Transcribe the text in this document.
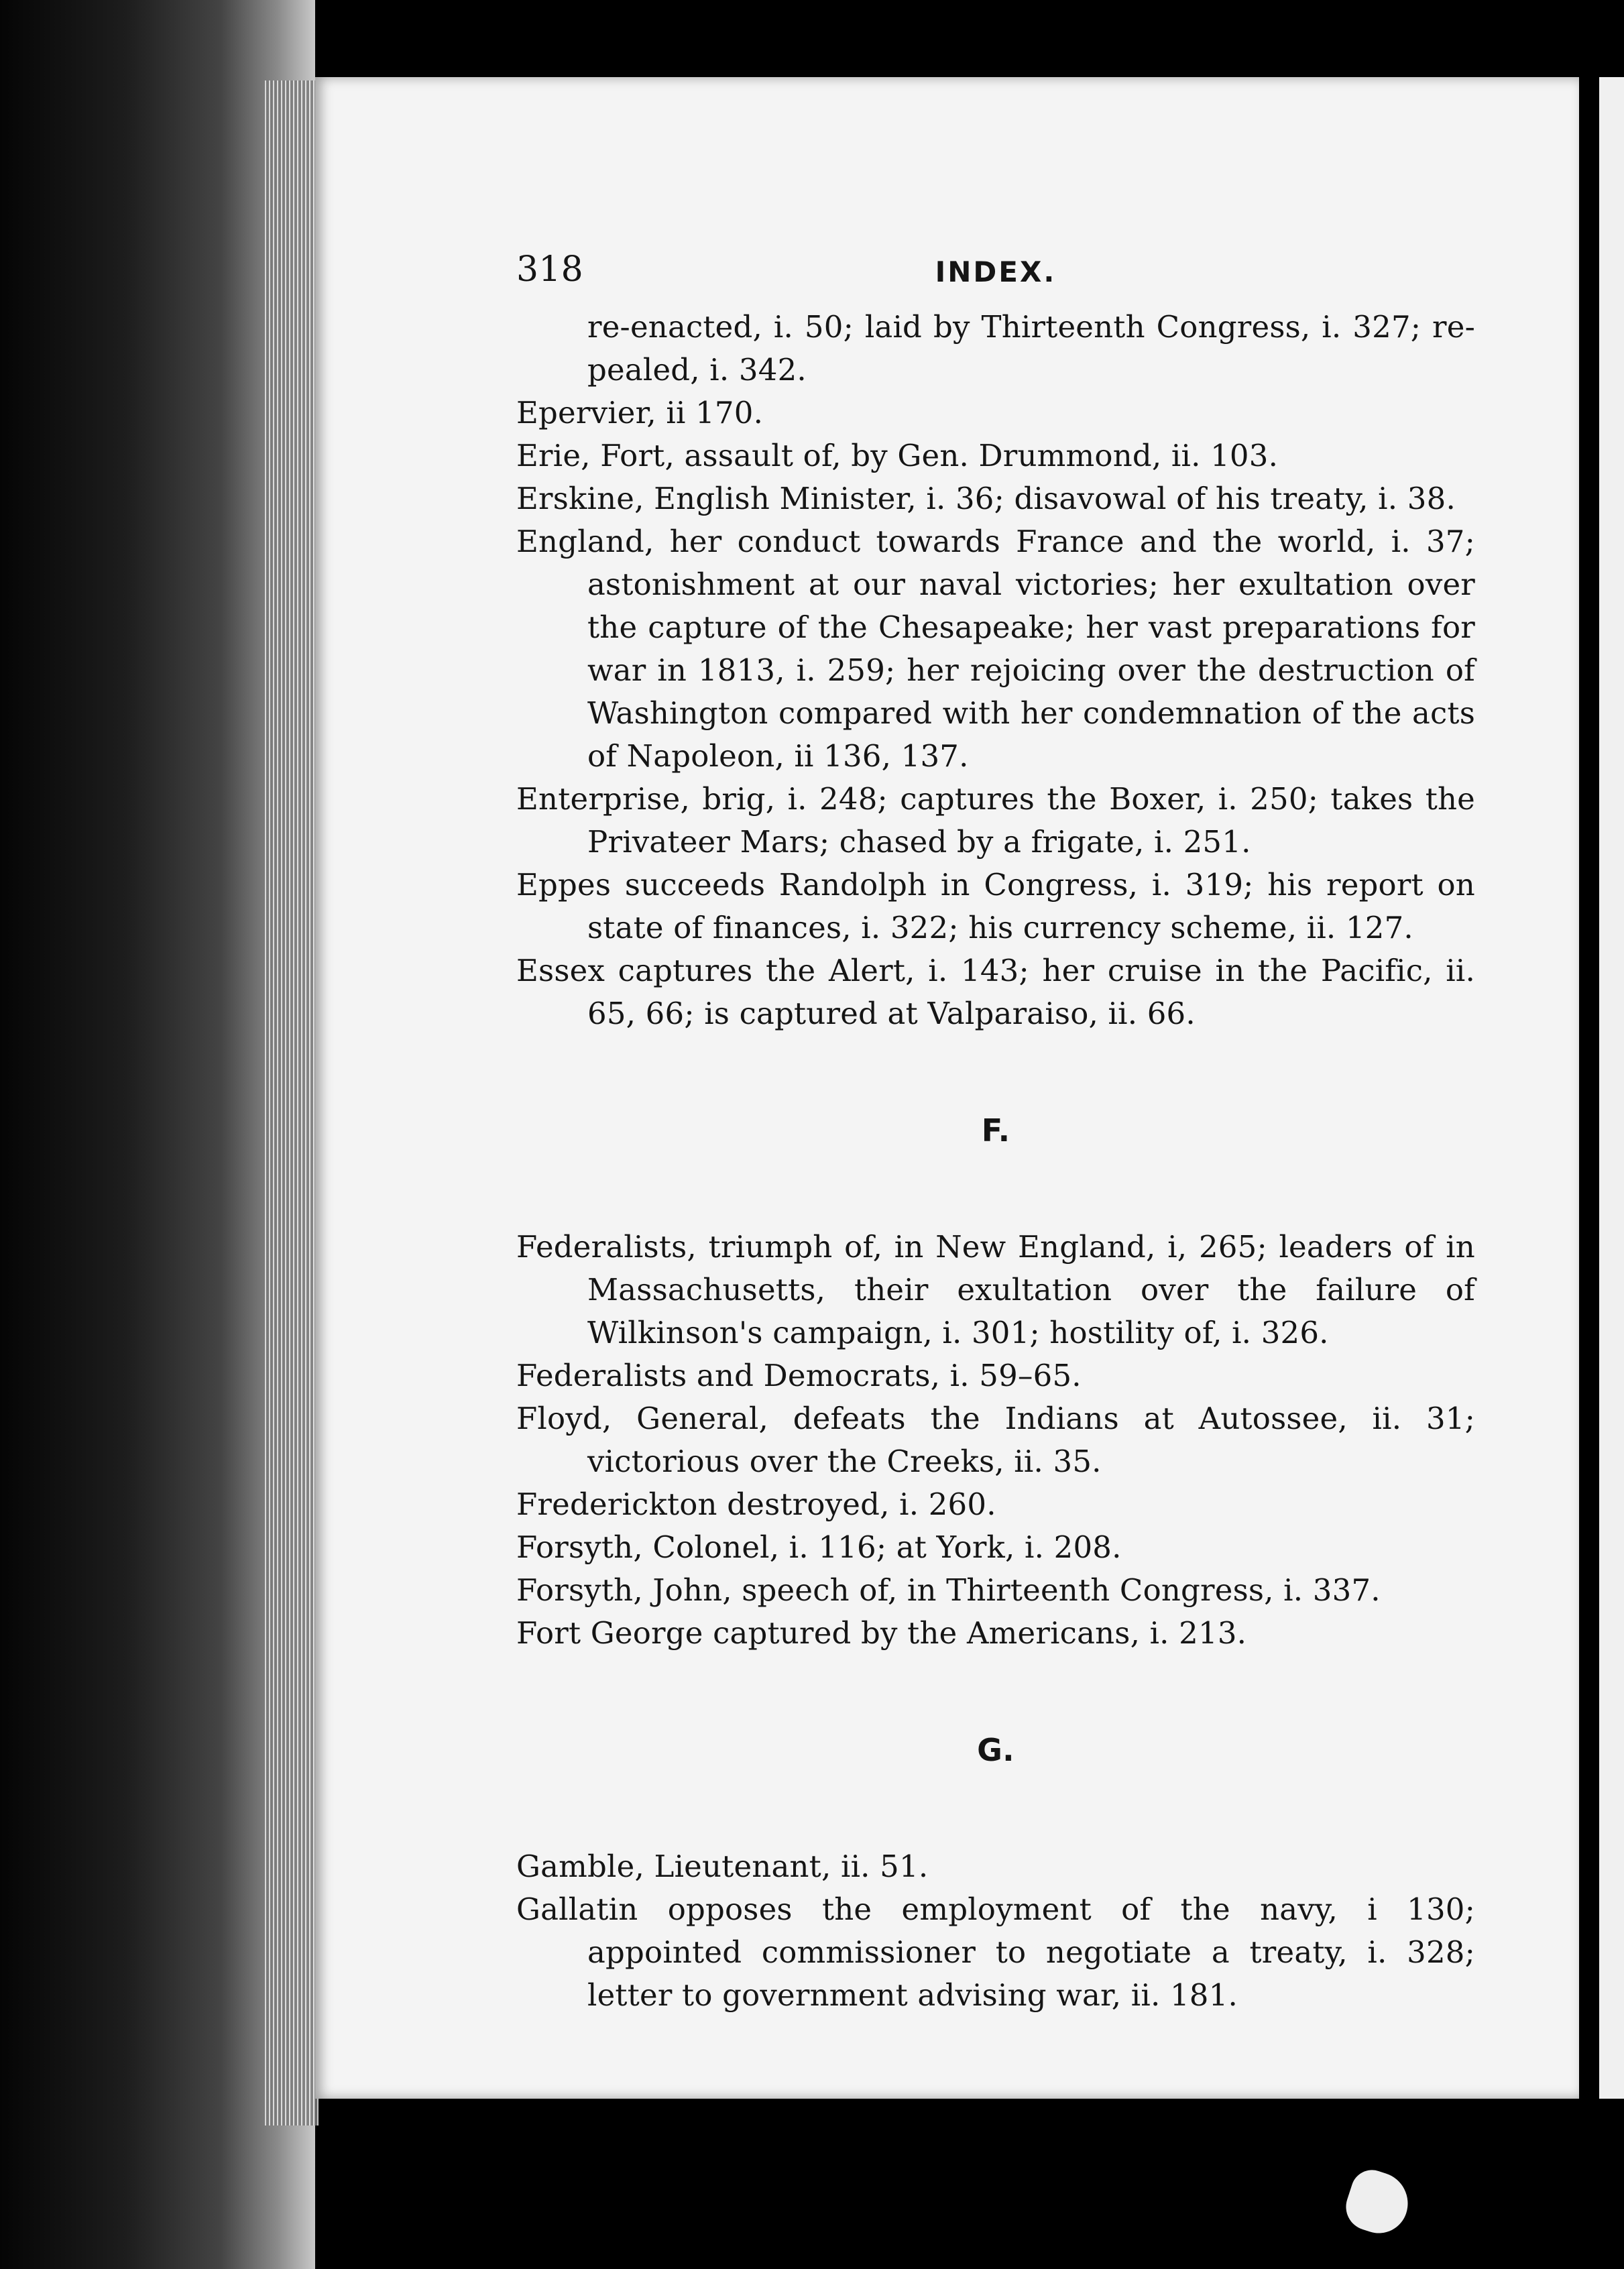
318	INDEX.

re-enacted, i. 50; laid by Thirteenth Congress, i. 327; re-pealed, i. 342.

Epervier, ii 170.

Erie, Fort, assault of, by Gen. Drummond, ii. 103.

Erskine, English Minister, i. 36; disavowal of his treaty, i. 38.

England, her conduct towards France and the world, i. 37; astonishment at our naval victories; her exultation over the capture of the Chesapeake; her vast preparations for war in 1813, i. 259; her rejoicing over the destruction of Washington compared with her condemnation of the acts of Napoleon, ii 136, 137.

Enterprise, brig, i. 248; captures the Boxer, i. 250; takes the Privateer Mars; chased by a frigate, i. 251.

Eppes succeeds Randolph in Congress, i. 319; his report on state of finances, i. 322; his currency scheme, ii. 127.

Essex captures the Alert, i. 143; her cruise in the Pacific, ii. 65, 66; is captured at Valparaiso, ii. 66.

F.

Federalists, triumph of, in New England, i, 265; leaders of in Massachusetts, their exultation over the failure of Wilkinson's campaign, i. 301; hostility of, i. 326.

Federalists and Democrats, i. 59–65.

Floyd, General, defeats the Indians at Autossee, ii. 31; victorious over the Creeks, ii. 35.

Frederickton destroyed, i. 260.

Forsyth, Colonel, i. 116; at York, i. 208.

Forsyth, John, speech of, in Thirteenth Congress, i. 337.

Fort George captured by the Americans, i. 213.

G.

Gamble, Lieutenant, ii. 51.

Gallatin opposes the employment of the navy, i 130; appointed commissioner to negotiate a treaty, i. 328; letter to government advising war, ii. 181.
